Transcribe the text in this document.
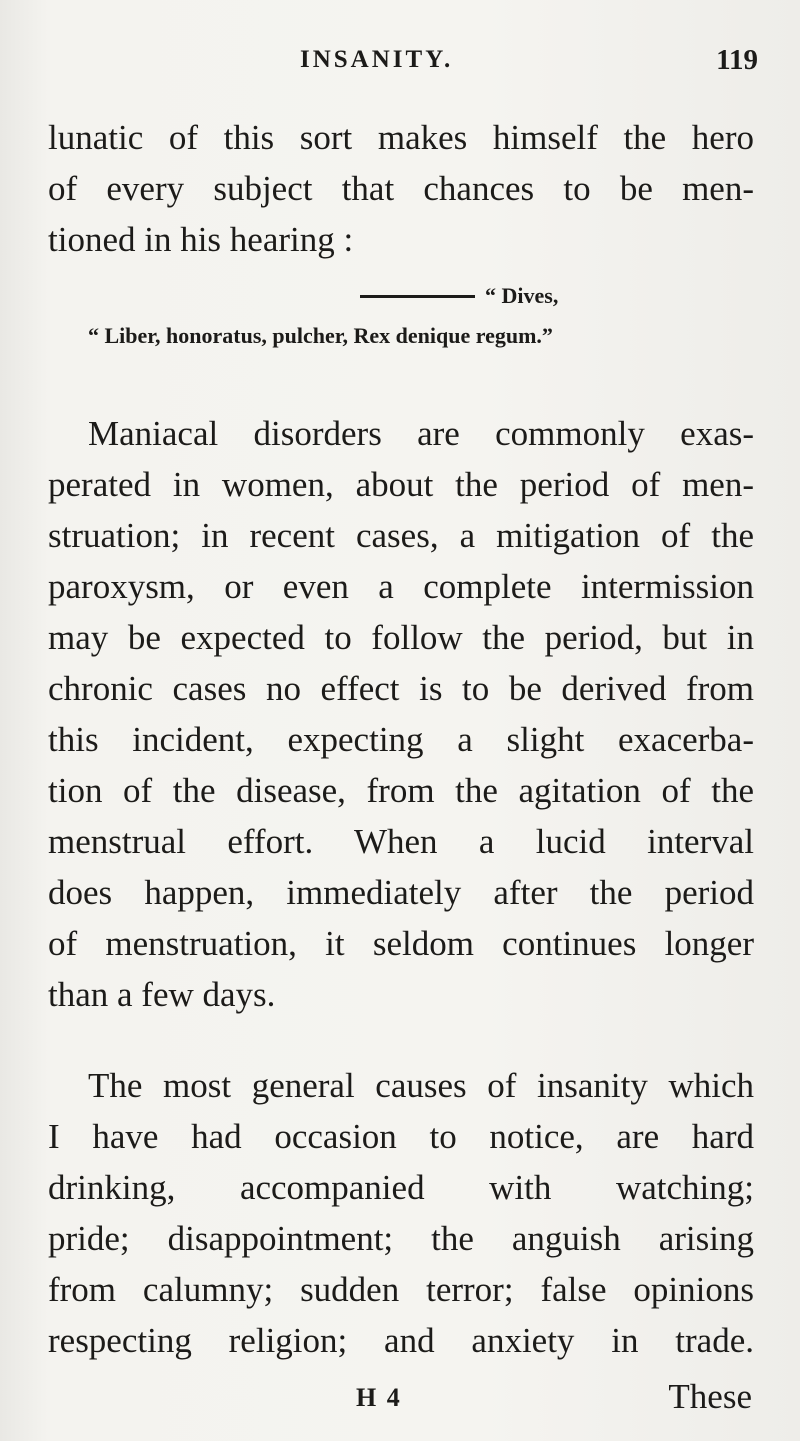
INSANITY.	119
lunatic of this sort makes himself the hero
of every subject that chances to be men-
tioned in his hearing :
“ Dives,
“ Liber, honoratus, pulcher, Rex denique regum.”
Maniacal disorders are commonly exas-
perated in women, about the period of men-
struation; in recent cases, a mitigation of the
paroxysm, or even a complete intermission
may be expected to follow the period, but in
chronic cases no effect is to be derived from
this incident, expecting a slight exacerba-
tion of the disease, from the agitation of the
menstrual effort. When a lucid interval
does happen, immediately after the period
of menstruation, it seldom continues longer
than a few days.
The most general causes of insanity which
I have had occasion to notice, are hard
drinking, accompanied with watching;
pride; disappointment; the anguish arising
from calumny; sudden terror; false opinions
respecting religion; and anxiety in trade.
H 4	These
